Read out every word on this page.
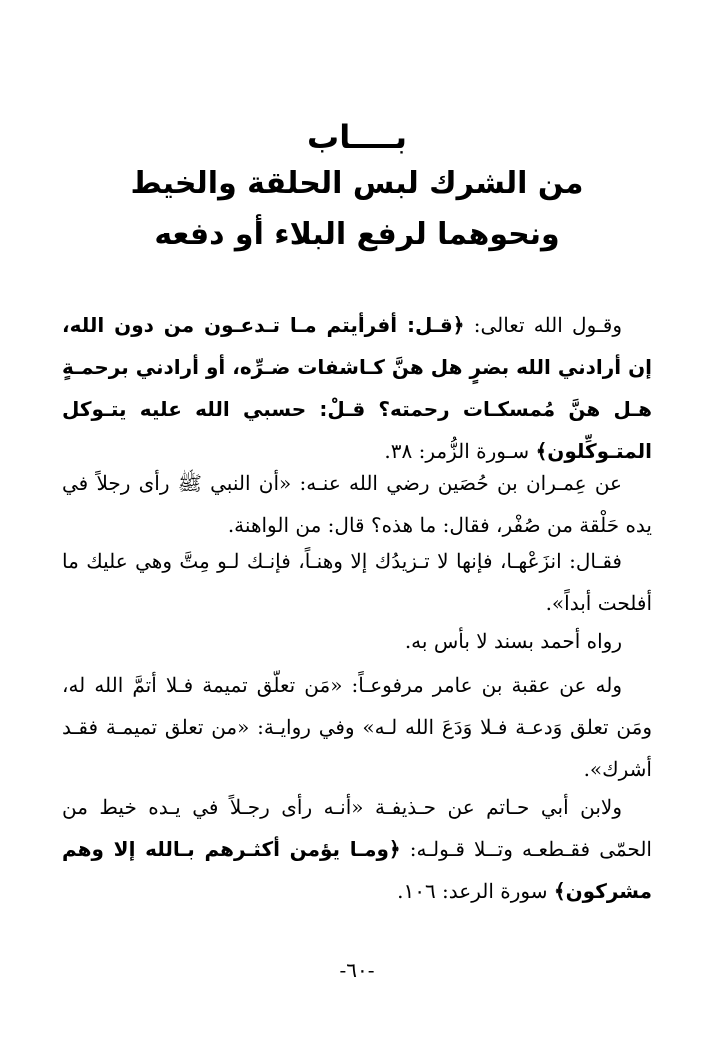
بــــاب
من الشرك لبس الحلقة والخيط
ونحوهما لرفع البلاء أو دفعه

وقـول الله تعالى: ﴿قـل: أفرأيتم مـا تـدعـون من دون الله، إن أرادني الله بضرٍ هل هنَّ كـاشفات ضـرِّه، أو أرادني برحمـةٍ هـل هنَّ مُمسكـات رحمته؟ قـلْ: حسبي الله عليه يتـوكل المتـوكِّلون﴾ سـورة الزُّمر: ٣٨.

عن عِمـران بن حُصَين رضي الله عنـه: «أن النبي ﷺ رأى رجلاً في يده حَلْقة من صُفْر، فقال: ما هذه؟ قال: من الواهنة.

فقـال: انزَعْهـا، فإنها لا تـزيدُك إلا وهنـاً، فإنـك لـو مِتَّ وهي عليك ما أفلحت أبداً».

رواه أحمد بسند لا بأس به.

وله عن عقبة بن عامر مرفوعـاً: «مَن تعلّق تميمة فـلا أتمَّ الله له، ومَن تعلق وَدعـة فـلا وَدَعَ الله لـه» وفي روايـة: «من تعلق تميمـة فقـد أشرك».

ولابن أبي حـاتم عن حـذيفـة «أنـه رأى رجـلاً في يـده خيط من الحمّى فقـطعـه وتــلا قـولـه: ﴿ومـا يؤمن أكثـرهم بـالله إلا وهم مشركون﴾ سورة الرعد: ١٠٦.

-٦٠-
